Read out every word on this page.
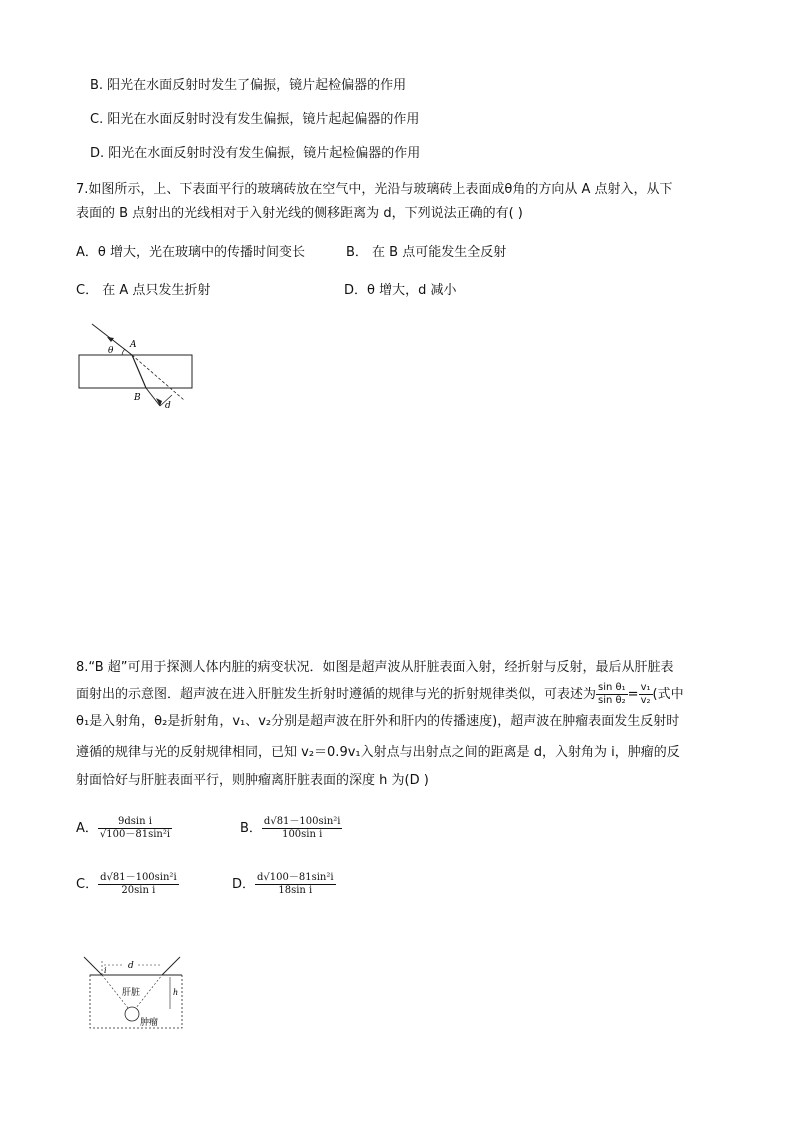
B. 阳光在水面反射时发生了偏振，镜片起检偏器的作用
C. 阳光在水面反射时没有发生偏振，镜片起起偏器的作用
D. 阳光在水面反射时没有发生偏振，镜片起检偏器的作用
7.如图所示，上、下表面平行的玻璃砖放在空气中，光沿与玻璃砖上表面成θ角的方向从 A 点射入，从下
表面的 B 点射出的光线相对于入射光线的侧移距离为 d，下列说法正确的有( )
A．θ 增大，光在玻璃中的传播时间变长	B． 在 B 点可能发生全反射
C． 在 A 点只发生折射	D．θ 增大，d 减小
θ
A
B
d
8.“B 超”可用于探测人体内脏的病变状况．如图是超声波从肝脏表面入射，经折射与反射，最后从肝脏表
面射出的示意图．超声波在进入肝脏发生折射时遵循的规律与光的折射规律类似，可表述为 $\frac{\text{sin θ₁}}{\text{sin θ₂}} = \frac{\text{v₁}}{\text{v₂}}$ (式中
θ₁是入射角，θ₂是折射角，v₁、v₂分别是超声波在肝外和肝内的传播速度)，超声波在肿瘤表面发生反射时
遵循的规律与光的反射规律相同，已知 v₂＝0.9v₁入射点与出射点之间的距离是 d，入射角为 i，肿瘤的反
射面恰好与肝脏表面平行，则肿瘤离肝脏表面的深度 h 为(D )
A． $\frac{\text{9dsin i}}{\text{√100－81sin²i}}$	B． $\frac{\text{d√81－100sin²i}}{\text{100sin i}}$
C． $\frac{\text{d√81－100sin²i}}{\text{20sin i}}$	D． $\frac{\text{d√100－81sin²i}}{\text{18sin i}}$
i d
h
肝脏
肿瘤
